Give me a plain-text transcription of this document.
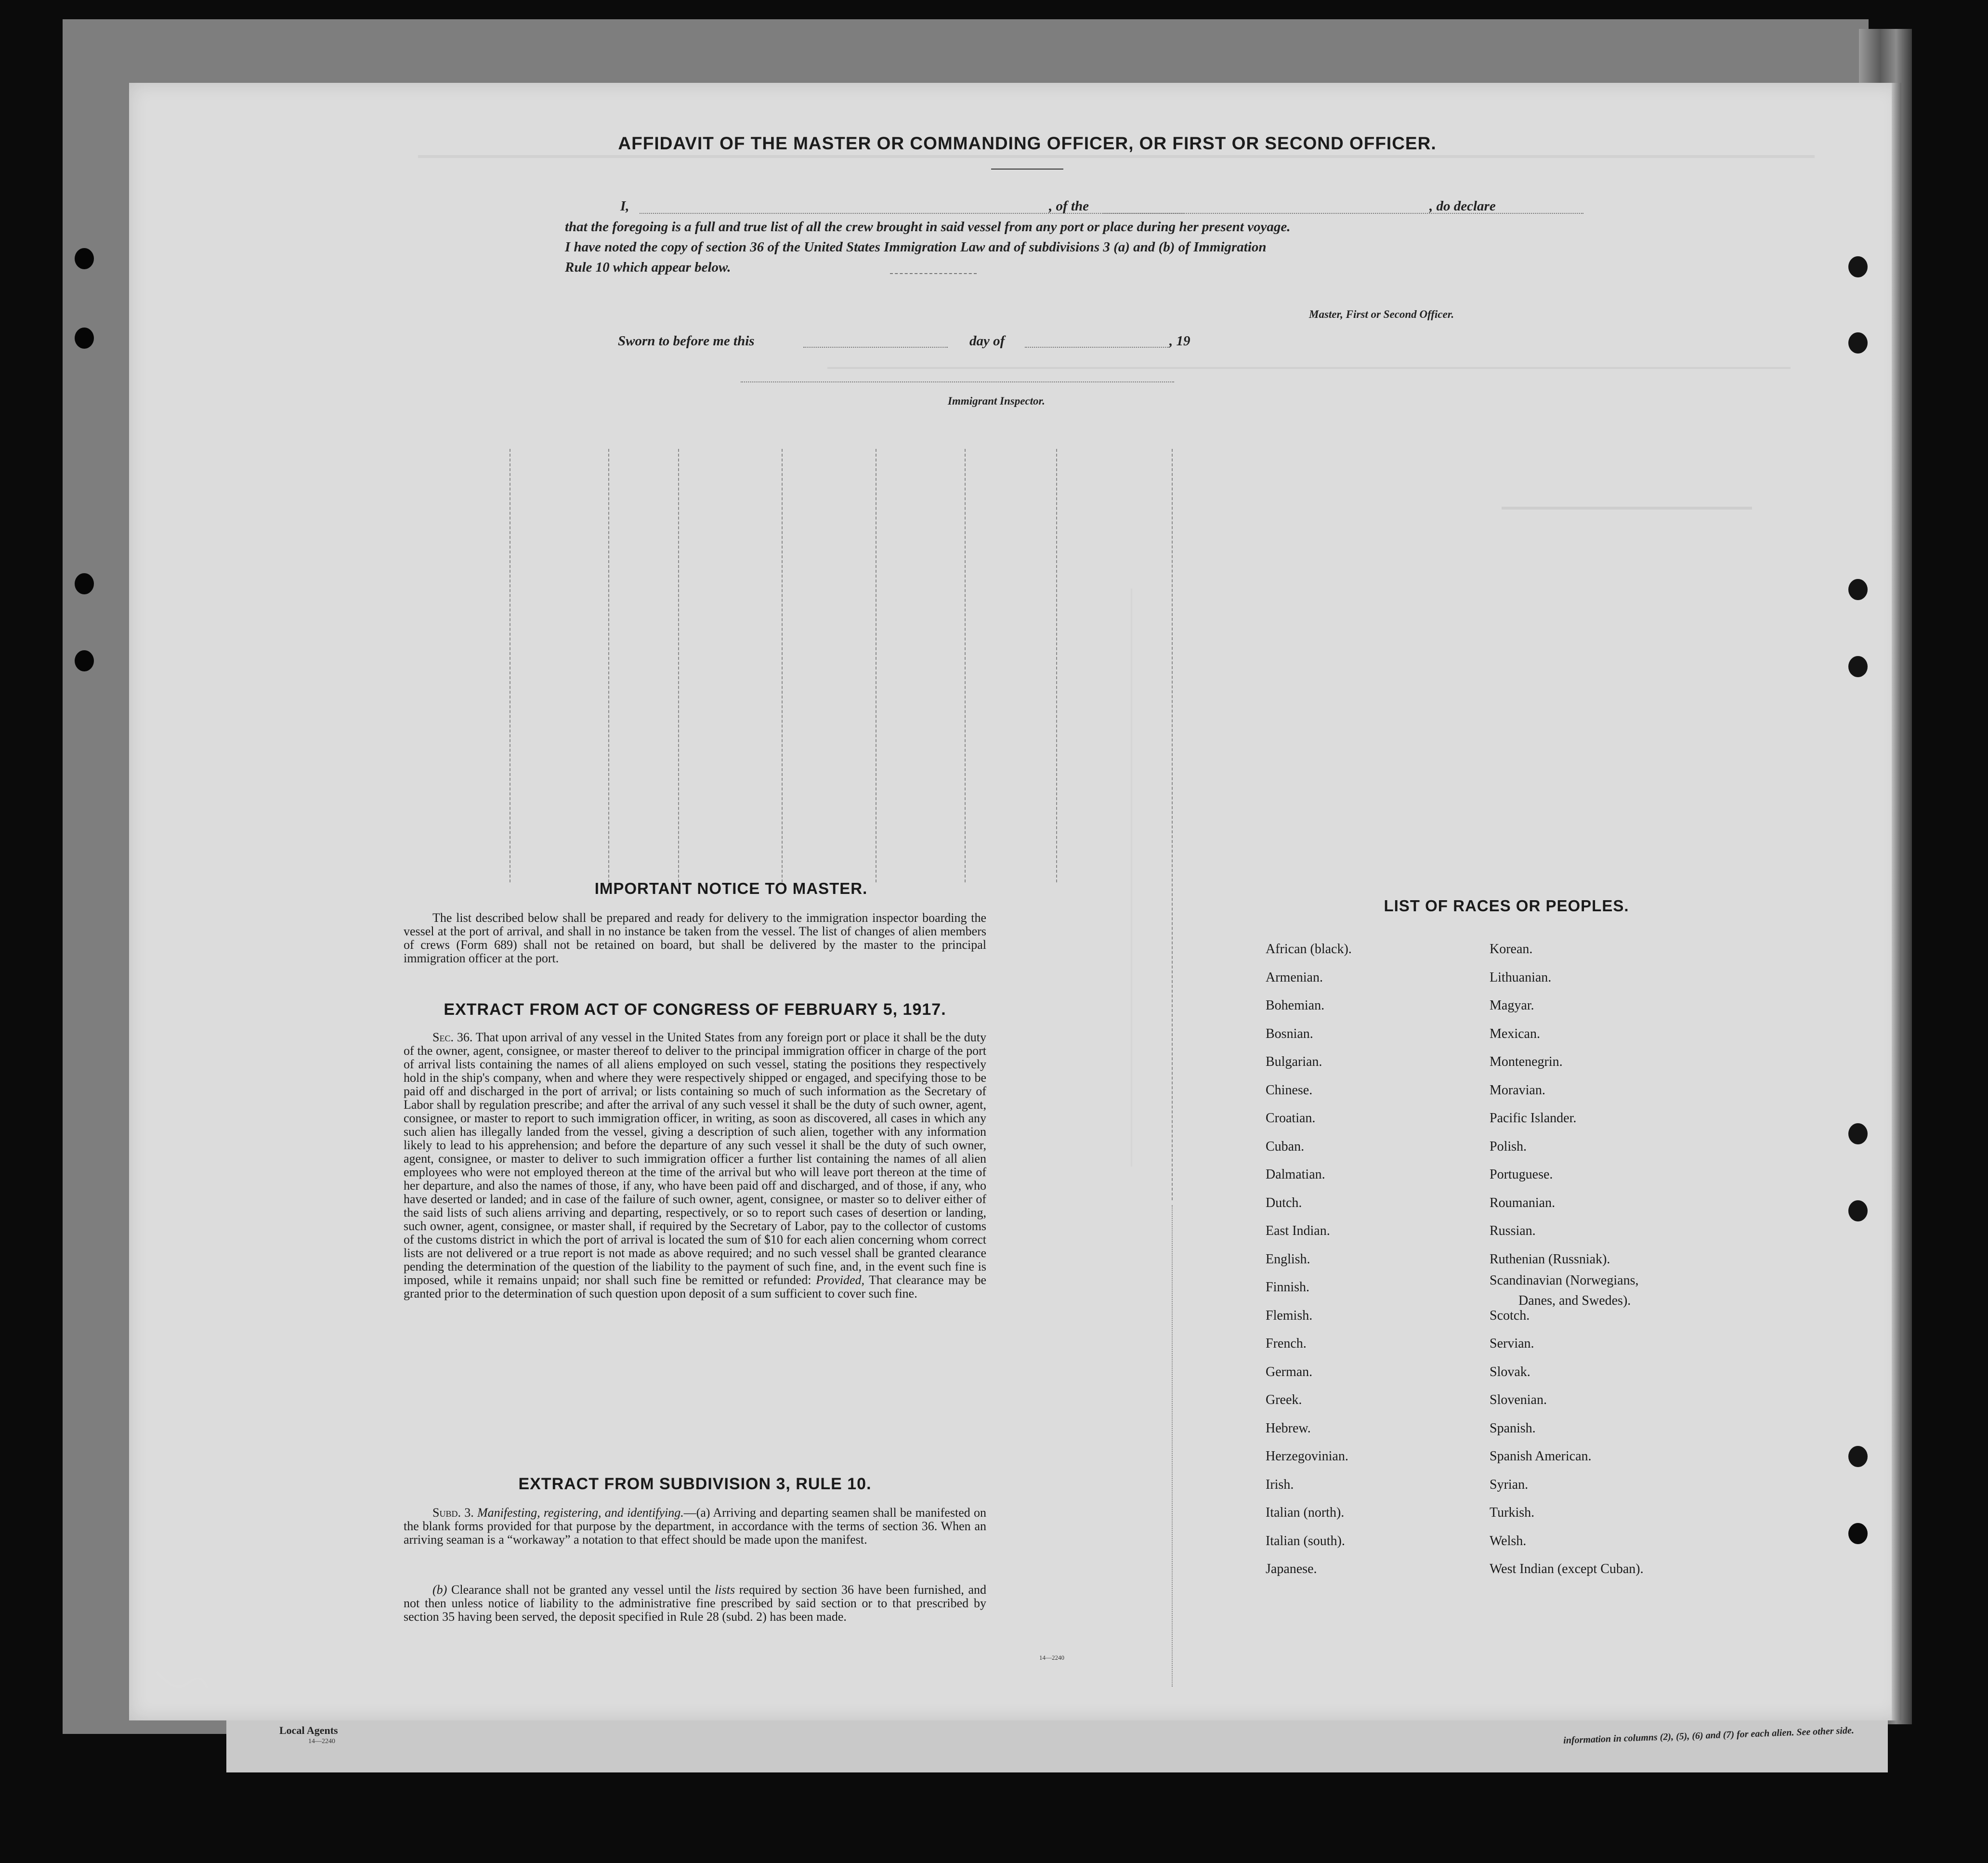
Local Agents
14—2240	information in columns (2), (5), (6) and (7) for each alien. See other side.
AFFIDAVIT OF THE MASTER OR COMMANDING OFFICER, OR FIRST OR SECOND OFFICER.
I,	, of the	, do declare
that the foregoing is a full and true list of all the crew brought in said vessel from any port or place during her present voyage.
I have noted the copy of section 36 of the United States Immigration Law and of subdivisions 3 (a) and (b) of Immigration
Rule 10 which appear below.
Master, First or Second Officer.
Sworn to before me this	day of	, 19
Immigrant Inspector.
IMPORTANT NOTICE TO MASTER.
The list described below shall be prepared and ready for delivery to the immigration inspector boarding the vessel at the port of arrival, and shall in no instance be taken from the vessel. The list of changes of alien members of crews (Form 689) shall not be retained on board, but shall be delivered by the master to the principal immigration officer at the port.
EXTRACT FROM ACT OF CONGRESS OF FEBRUARY 5, 1917.
Sec. 36. That upon arrival of any vessel in the United States from any foreign port or place it shall be the duty of the owner, agent, consignee, or master thereof to deliver to the principal immigration officer in charge of the port of arrival lists containing the names of all aliens employed on such vessel, stating the positions they respectively hold in the ship's company, when and where they were respectively shipped or engaged, and specifying those to be paid off and discharged in the port of arrival; or lists containing so much of such information as the Secretary of Labor shall by regulation prescribe; and after the arrival of any such vessel it shall be the duty of such owner, agent, consignee, or master to report to such immigration officer, in writing, as soon as discovered, all cases in which any such alien has illegally landed from the vessel, giving a description of such alien, together with any information likely to lead to his apprehension; and before the departure of any such vessel it shall be the duty of such owner, agent, consignee, or master to deliver to such immigration officer a further list containing the names of all alien employees who were not employed thereon at the time of the arrival but who will leave port thereon at the time of her departure, and also the names of those, if any, who have been paid off and discharged, and of those, if any, who have deserted or landed; and in case of the failure of such owner, agent, consignee, or master so to deliver either of the said lists of such aliens arriving and departing, respectively, or so to report such cases of desertion or landing, such owner, agent, consignee, or master shall, if required by the Secretary of Labor, pay to the collector of customs of the customs district in which the port of arrival is located the sum of $10 for each alien concerning whom correct lists are not delivered or a true report is not made as above required; and no such vessel shall be granted clearance pending the determination of the question of the liability to the payment of such fine, and, in the event such fine is imposed, while it remains unpaid; nor shall such fine be remitted or refunded: Provided, That clearance may be granted prior to the determination of such question upon deposit of a sum sufficient to cover such fine.
EXTRACT FROM SUBDIVISION 3, RULE 10.
Subd. 3. Manifesting, registering, and identifying.—(a) Arriving and departing seamen shall be manifested on the blank forms provided for that purpose by the department, in accordance with the terms of section 36. When an arriving seaman is a “workaway” a notation to that effect should be made upon the manifest.
(b) Clearance shall not be granted any vessel until the lists required by section 36 have been furnished, and not then unless notice of liability to the administrative fine prescribed by said section or to that prescribed by section 35 having been served, the deposit specified in Rule 28 (subd. 2) has been made.
14—2240
LIST OF RACES OR PEOPLES.
African (black).
Armenian.
Bohemian.
Bosnian.
Bulgarian.
Chinese.
Croatian.
Cuban.
Dalmatian.
Dutch.
East Indian.
English.
Finnish.
Flemish.
French.
German.
Greek.
Hebrew.
Herzegovinian.
Irish.
Italian (north).
Italian (south).
Japanese.
Korean.
Lithuanian.
Magyar.
Mexican.
Montenegrin.
Moravian.
Pacific Islander.
Polish.
Portuguese.
Roumanian.
Russian.
Ruthenian (Russniak).
Scandinavian (Norwegians,
Danes, and Swedes).
Scotch.
Servian.
Slovak.
Slovenian.
Spanish.
Spanish American.
Syrian.
Turkish.
Welsh.
West Indian (except Cuban).
